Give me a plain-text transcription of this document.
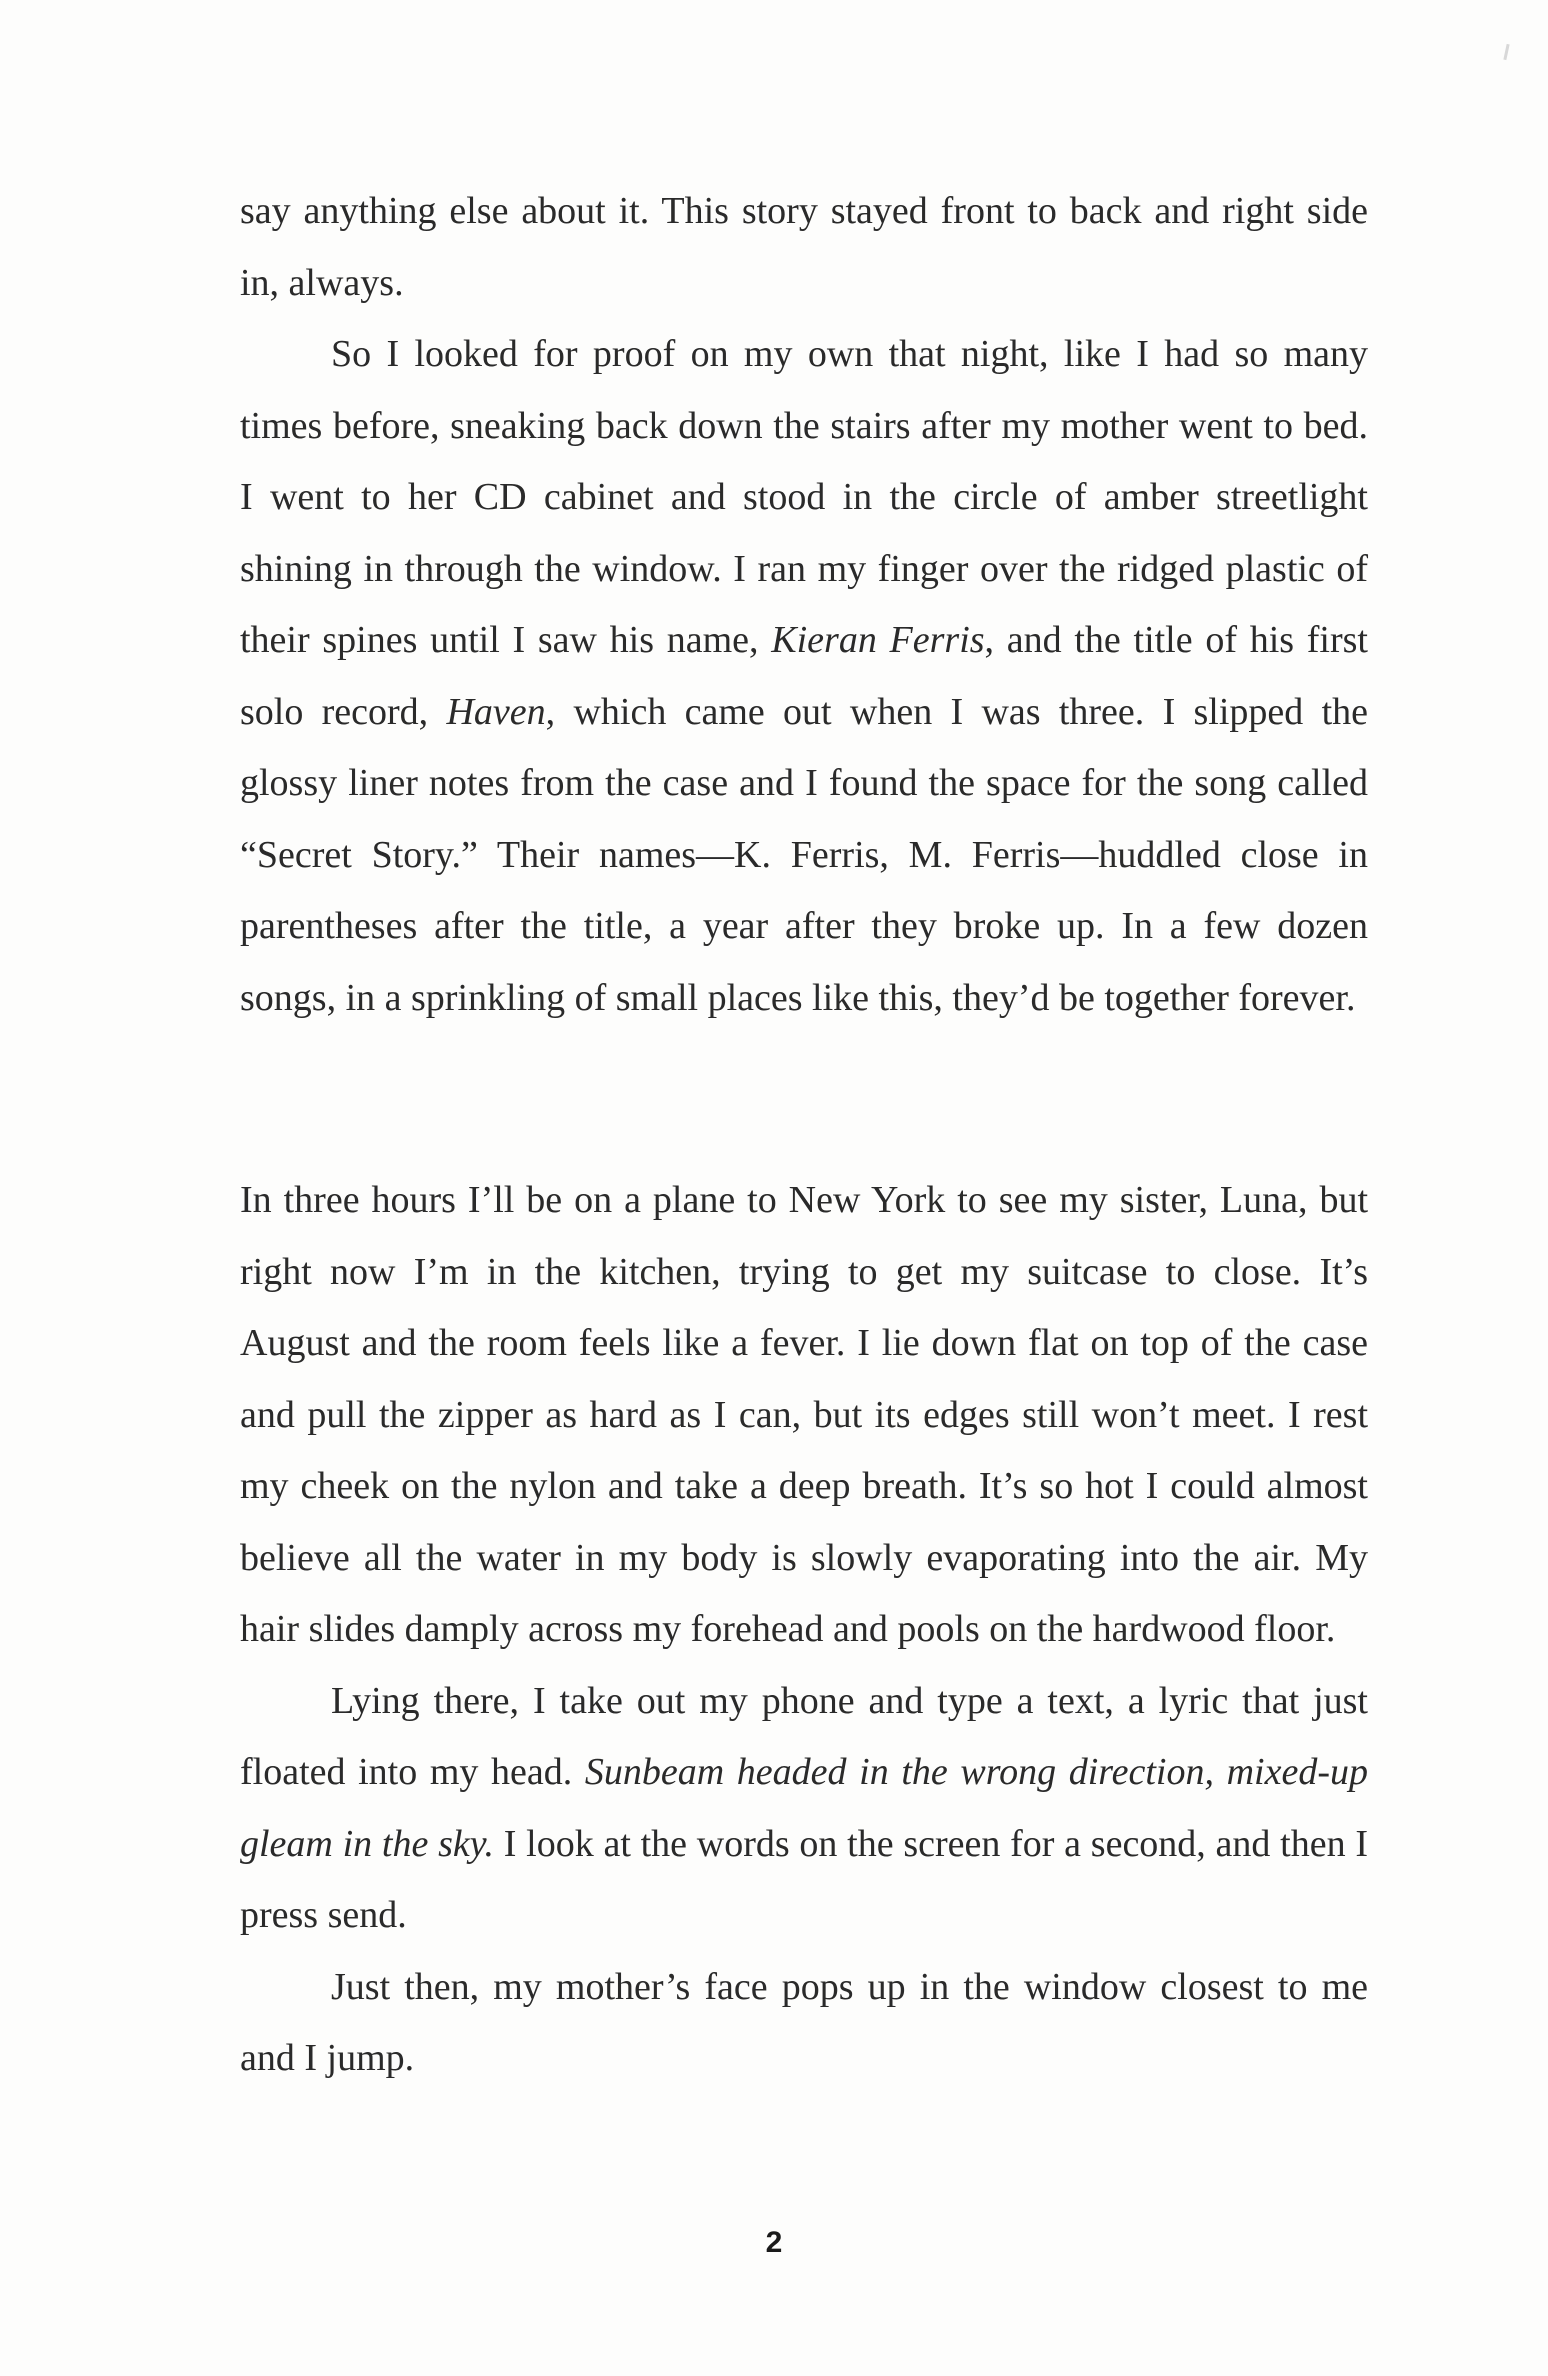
say anything else about it. This story stayed front to back and right side in, always.

So I looked for proof on my own that night, like I had so many times before, sneaking back down the stairs after my mother went to bed. I went to her CD cabinet and stood in the circle of amber streetlight shining in through the window. I ran my finger over the ridged plastic of their spines until I saw his name, Kieran Ferris, and the title of his first solo record, Haven, which came out when I was three. I slipped the glossy liner notes from the case and I found the space for the song called “Secret Story.” Their names—K. Ferris, M. Ferris—huddled close in parentheses after the title, a year after they broke up. In a few dozen songs, in a sprinkling of small places like this, they’d be together forever.

In three hours I’ll be on a plane to New York to see my sister, Luna, but right now I’m in the kitchen, trying to get my suitcase to close. It’s August and the room feels like a fever. I lie down flat on top of the case and pull the zipper as hard as I can, but its edges still won’t meet. I rest my cheek on the nylon and take a deep breath. It’s so hot I could almost believe all the water in my body is slowly evaporating into the air. My hair slides damply across my forehead and pools on the hardwood floor.

Lying there, I take out my phone and type a text, a lyric that just floated into my head. Sunbeam headed in the wrong direction, mixed-up gleam in the sky. I look at the words on the screen for a second, and then I press send.

Just then, my mother’s face pops up in the window closest to me and I jump.

2
